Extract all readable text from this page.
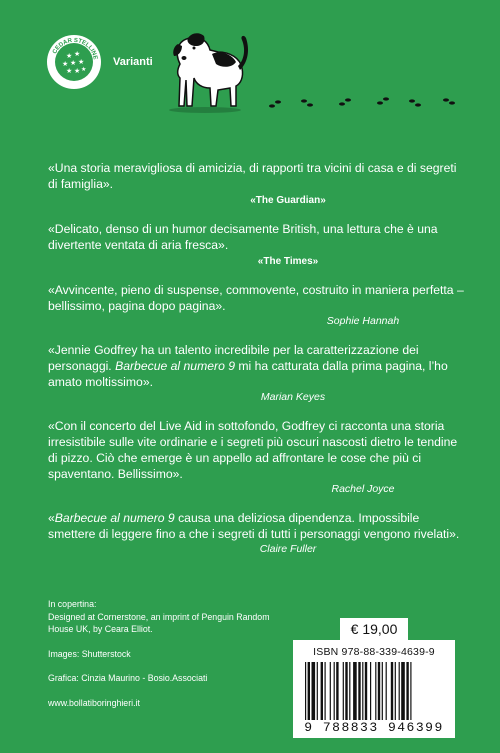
★ ★
★ ★ ★
★ ★ ★
CEDAR STELLINE Varianti
«Una storia meravigliosa di amicizia, di rapporti tra vicini di casa e di segreti di famiglia».
«The Guardian»
«Delicato, denso di un humor decisamente British, una lettura che è una divertente ventata di aria fresca».
«The Times»
«Avvincente, pieno di suspense, commovente, costruito in maniera perfetta – bellissimo, pagina dopo pagina».
Sophie Hannah
«Jennie Godfrey ha un talento incredibile per la caratterizzazione dei personaggi. Barbecue al numero 9 mi ha catturata dalla prima pagina, l’ho amato moltissimo».
Marian Keyes
«Con il concerto del Live Aid in sottofondo, Godfrey ci racconta una storia irresistibile sulle vite ordinarie e i segreti più oscuri nascosti dietro le tendine di pizzo. Ciò che emerge è un appello ad affrontare le cose che più ci spaventano. Bellissimo».
Rachel Joyce
«Barbecue al numero 9 causa una deliziosa dipendenza. Impossibile smettere di leggere fino a che i segreti di tutti i personaggi vengono rivelati».
Claire Fuller
In copertina:
Designed at Cornerstone, an imprint of Penguin Random House UK, by Ceara Elliot.
Images: Shutterstock
Grafica: Cinzia Maurino - Bosio.Associati
www.bollatiboringhieri.it
€ 19,00
ISBN 978-88-339-4639-9
9 788833 946399
